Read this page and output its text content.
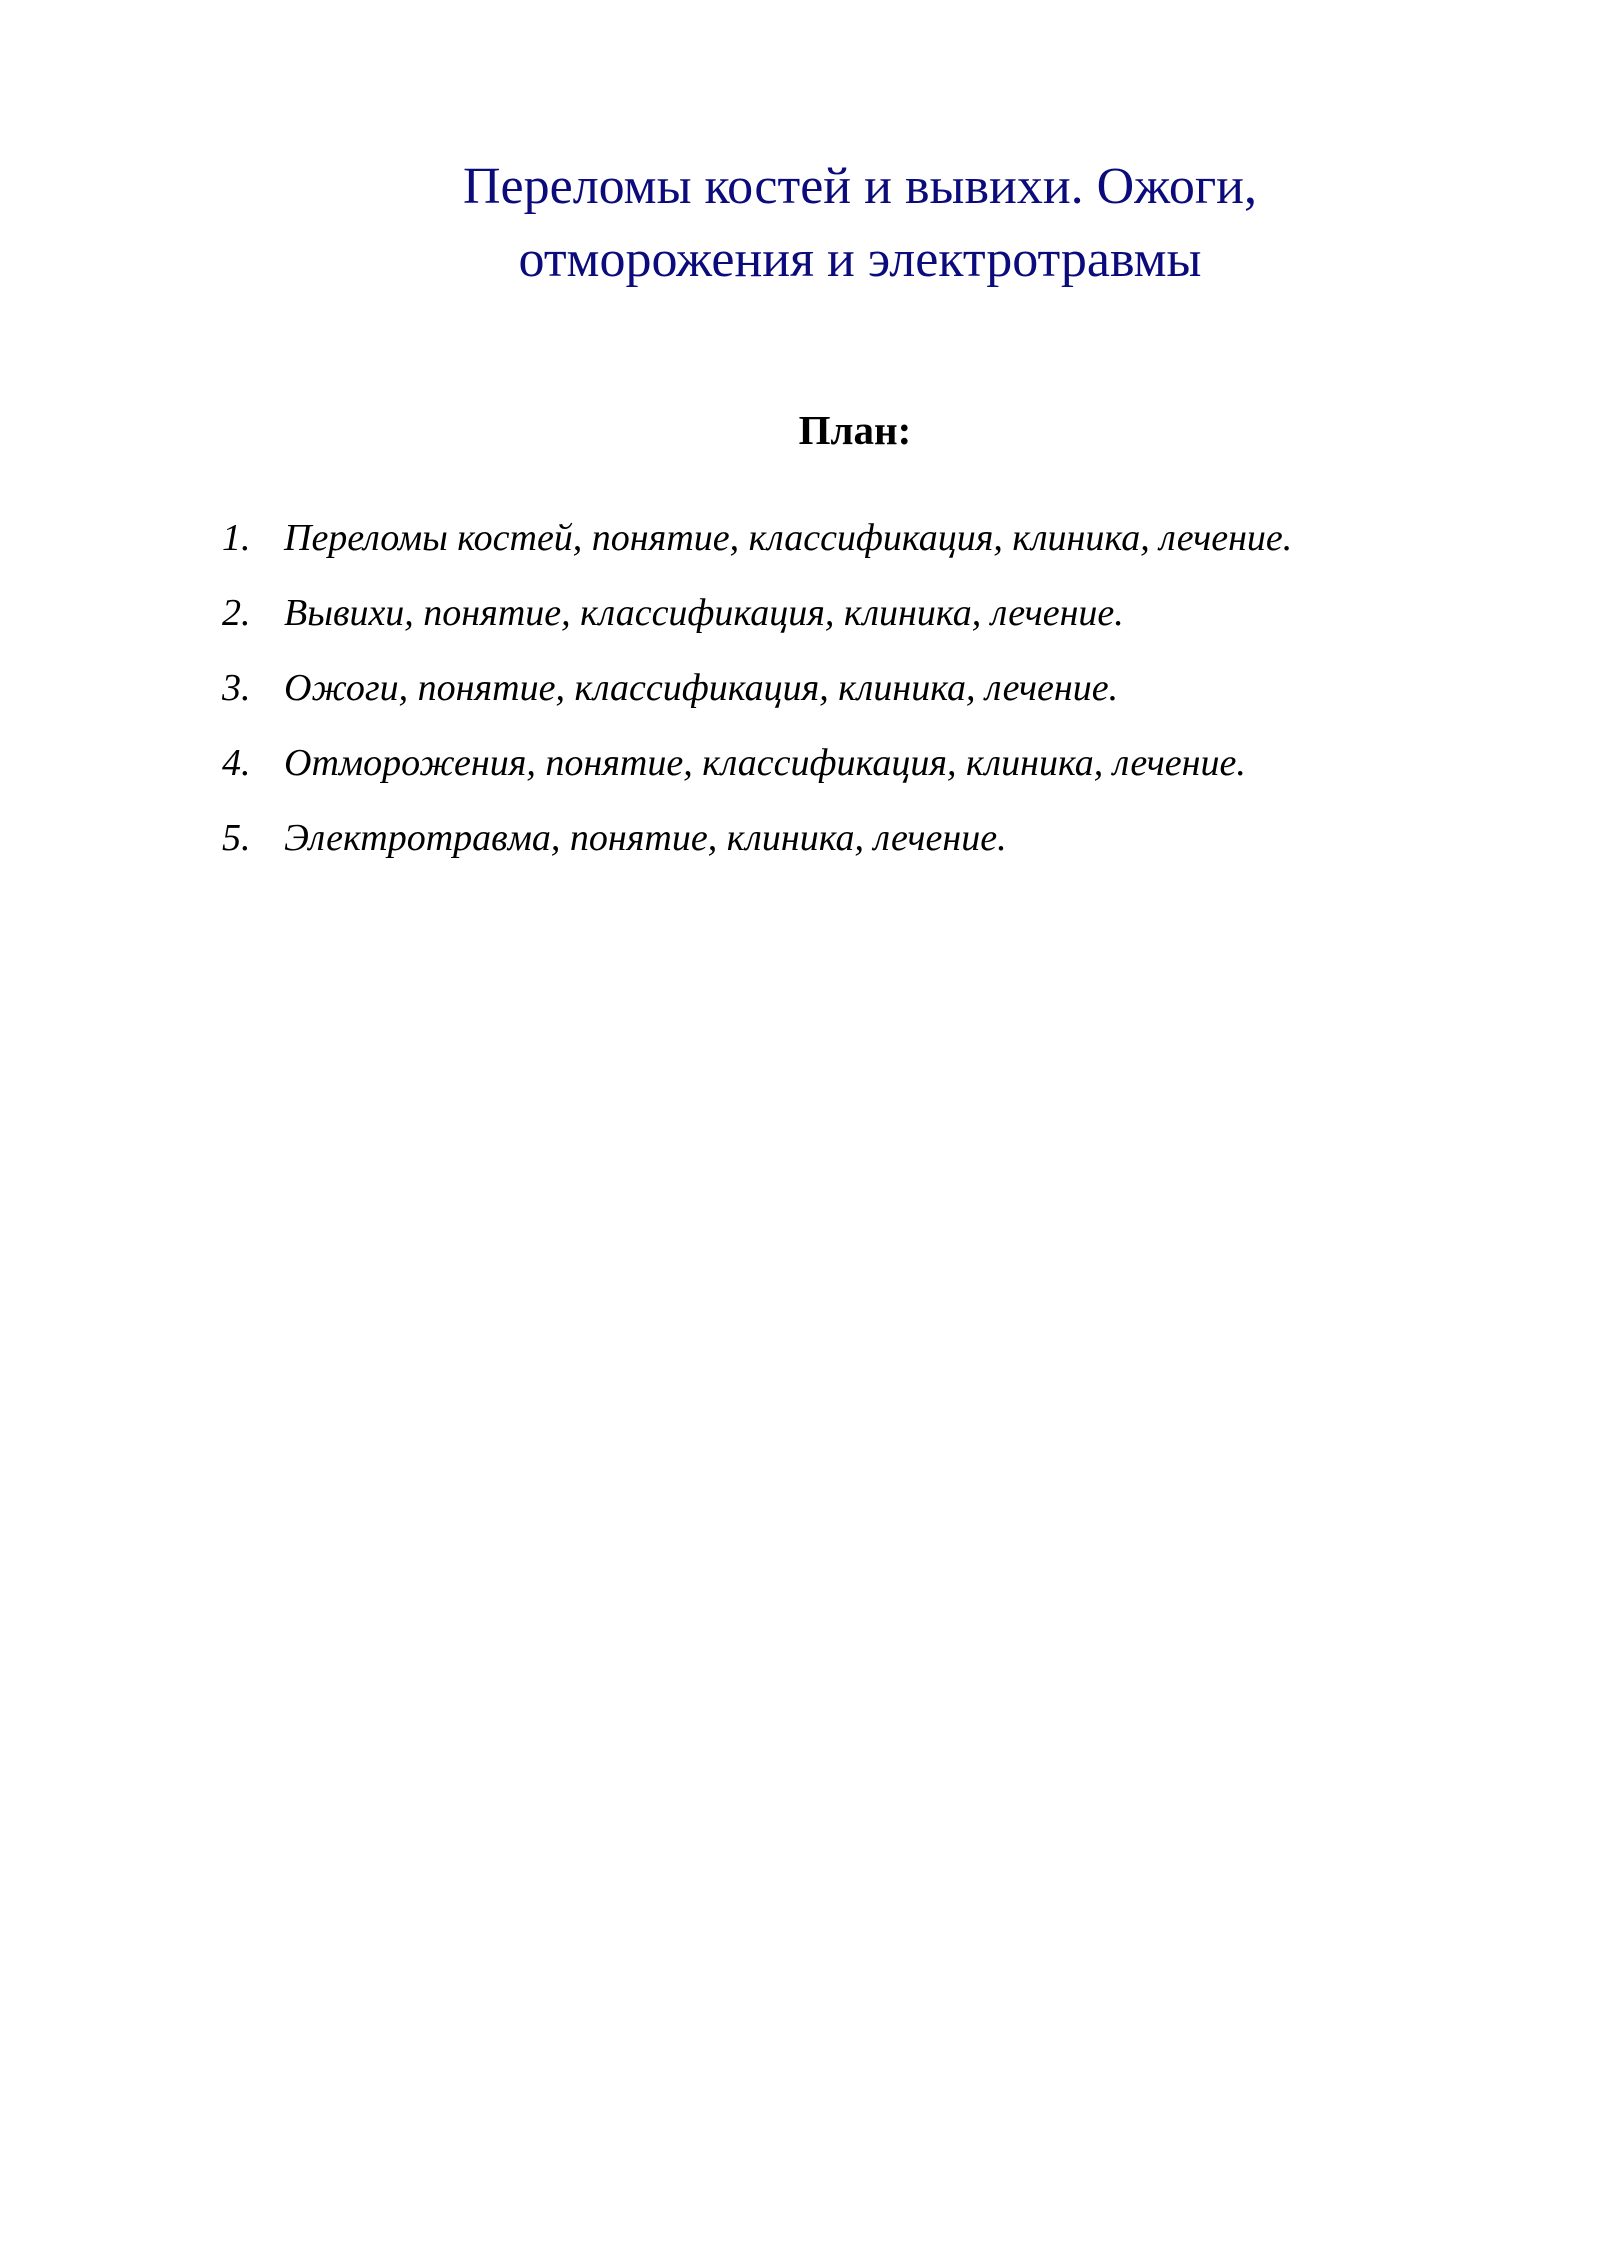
Переломы костей и вывихи. Ожоги,
отморожения и электротравмы
План:
1. Переломы костей, понятие, классификация, клиника, лечение.
2. Вывихи, понятие, классификация, клиника, лечение.
3. Ожоги, понятие, классификация, клиника, лечение.
4. Отморожения, понятие, классификация, клиника, лечение.
5. Электротравма, понятие, клиника, лечение.
